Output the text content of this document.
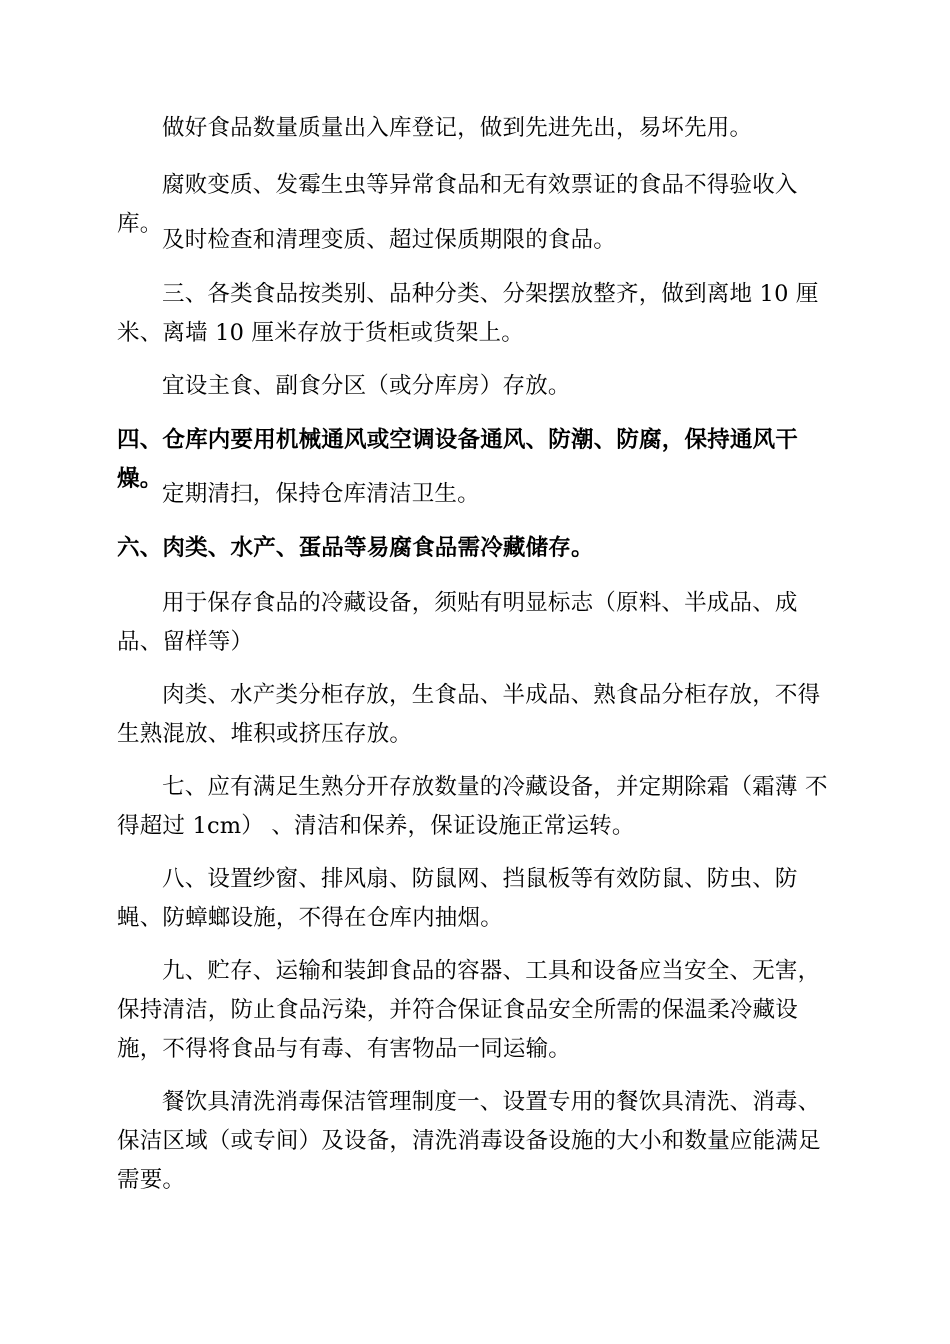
做好食品数量质量出入库登记，做到先进先出，易坏先用。

腐败变质、发霉生虫等异常食品和无有效票证的食品不得验收入库。

及时检查和清理变质、超过保质期限的食品。

三、各类食品按类别、品种分类、分架摆放整齐，做到离地 10 厘米、离墙 10 厘米存放于货柜或货架上。

宜设主食、副食分区（或分库房）存放。

四、仓库内要用机械通风或空调设备通风、防潮、防腐，保持通风干燥。

定期清扫，保持仓库清洁卫生。

六、肉类、水产、蛋品等易腐食品需冷藏储存。

用于保存食品的冷藏设备，须贴有明显标志（原料、半成品、成品、留样等）

肉类、水产类分柜存放，生食品、半成品、熟食品分柜存放，不得生熟混放、堆积或挤压存放。

七、应有满足生熟分开存放数量的冷藏设备，并定期除霜（霜薄 不得超过 1cm） 、清洁和保养，保证设施正常运转。

八、设置纱窗、排风扇、防鼠网、挡鼠板等有效防鼠、防虫、防蝇、防蟑螂设施，不得在仓库内抽烟。

九、贮存、运输和装卸食品的容器、工具和设备应当安全、无害，保持清洁，防止食品污染，并符合保证食品安全所需的保温柔冷藏设施，不得将食品与有毒、有害物品一同运输。

餐饮具清洗消毒保洁管理制度一、设置专用的餐饮具清洗、消毒、保洁区域（或专间）及设备，清洗消毒设备设施的大小和数量应能满足需要。
